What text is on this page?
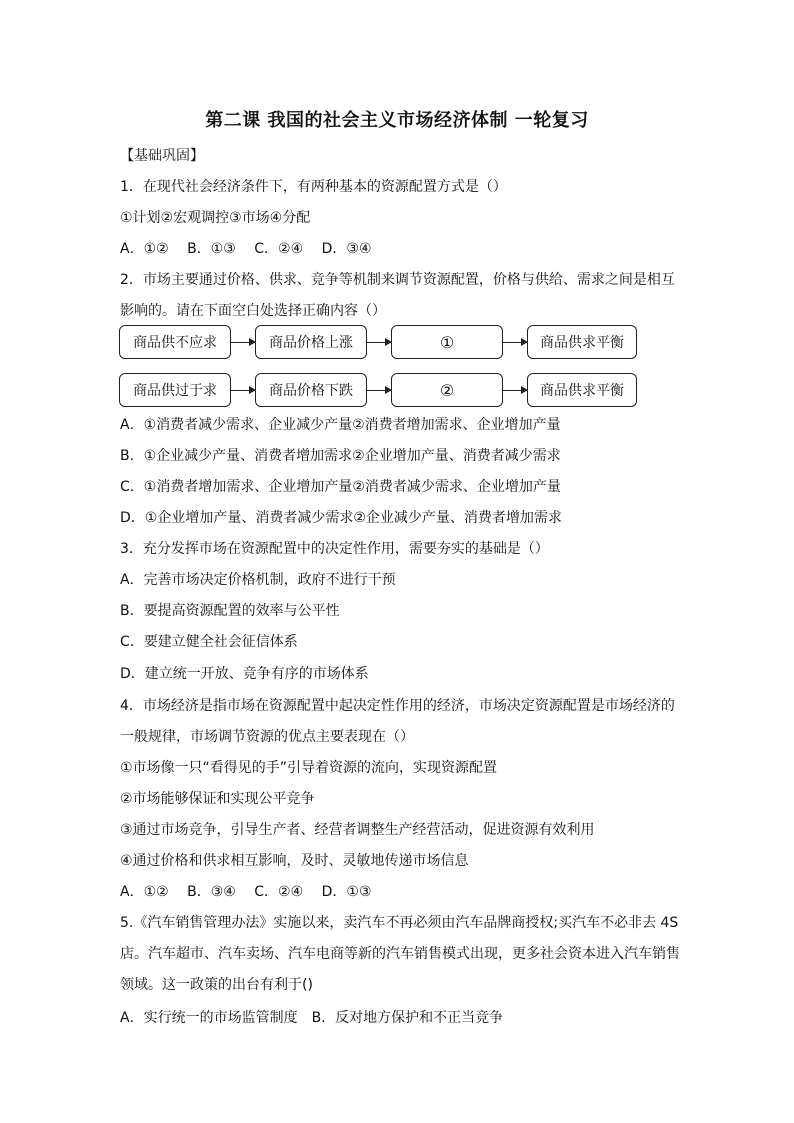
第二课 我国的社会主义市场经济体制 一轮复习
【基础巩固】
1．在现代社会经济条件下，有两种基本的资源配置方式是（）
①计划②宏观调控③市场④分配
A．①②　 B．①③　 C．②④　 D．③④
2．市场主要通过价格、供求、竞争等机制来调节资源配置，价格与供给、需求之间是相互
影响的。请在下面空白处选择正确内容（）
商品供不应求	商品价格上涨	①	商品供求平衡
商品供过于求	商品价格下跌	②	商品供求平衡
A．①消费者减少需求、企业减少产量②消费者增加需求、企业增加产量
B．①企业减少产量、消费者增加需求②企业增加产量、消费者减少需求
C．①消费者增加需求、企业增加产量②消费者减少需求、企业增加产量
D．①企业增加产量、消费者减少需求②企业减少产量、消费者增加需求
3．充分发挥市场在资源配置中的决定性作用，需要夯实的基础是（）
A．完善市场决定价格机制，政府不进行干预
B．要提高资源配置的效率与公平性
C．要建立健全社会征信体系
D．建立统一开放、竞争有序的市场体系
4．市场经济是指市场在资源配置中起决定性作用的经济，市场决定资源配置是市场经济的
一般规律，市场调节资源的优点主要表现在（）
①市场像一只“看得见的手”引导着资源的流向，实现资源配置
②市场能够保证和实现公平竞争
③通过市场竞争，引导生产者、经营者调整生产经营活动，促进资源有效利用
④通过价格和供求相互影响，及时、灵敏地传递市场信息
A．①②　 B．③④　 C．②④　 D．①③
5.《汽车销售管理办法》实施以来，卖汽车不再必须由汽车品牌商授权;买汽车不必非去 4S
店。汽车超市、汽车卖场、汽车电商等新的汽车销售模式出现，更多社会资本进入汽车销售
领域。这一政策的出台有利于()
A．实行统一的市场监管制度　B．反对地方保护和不正当竞争
